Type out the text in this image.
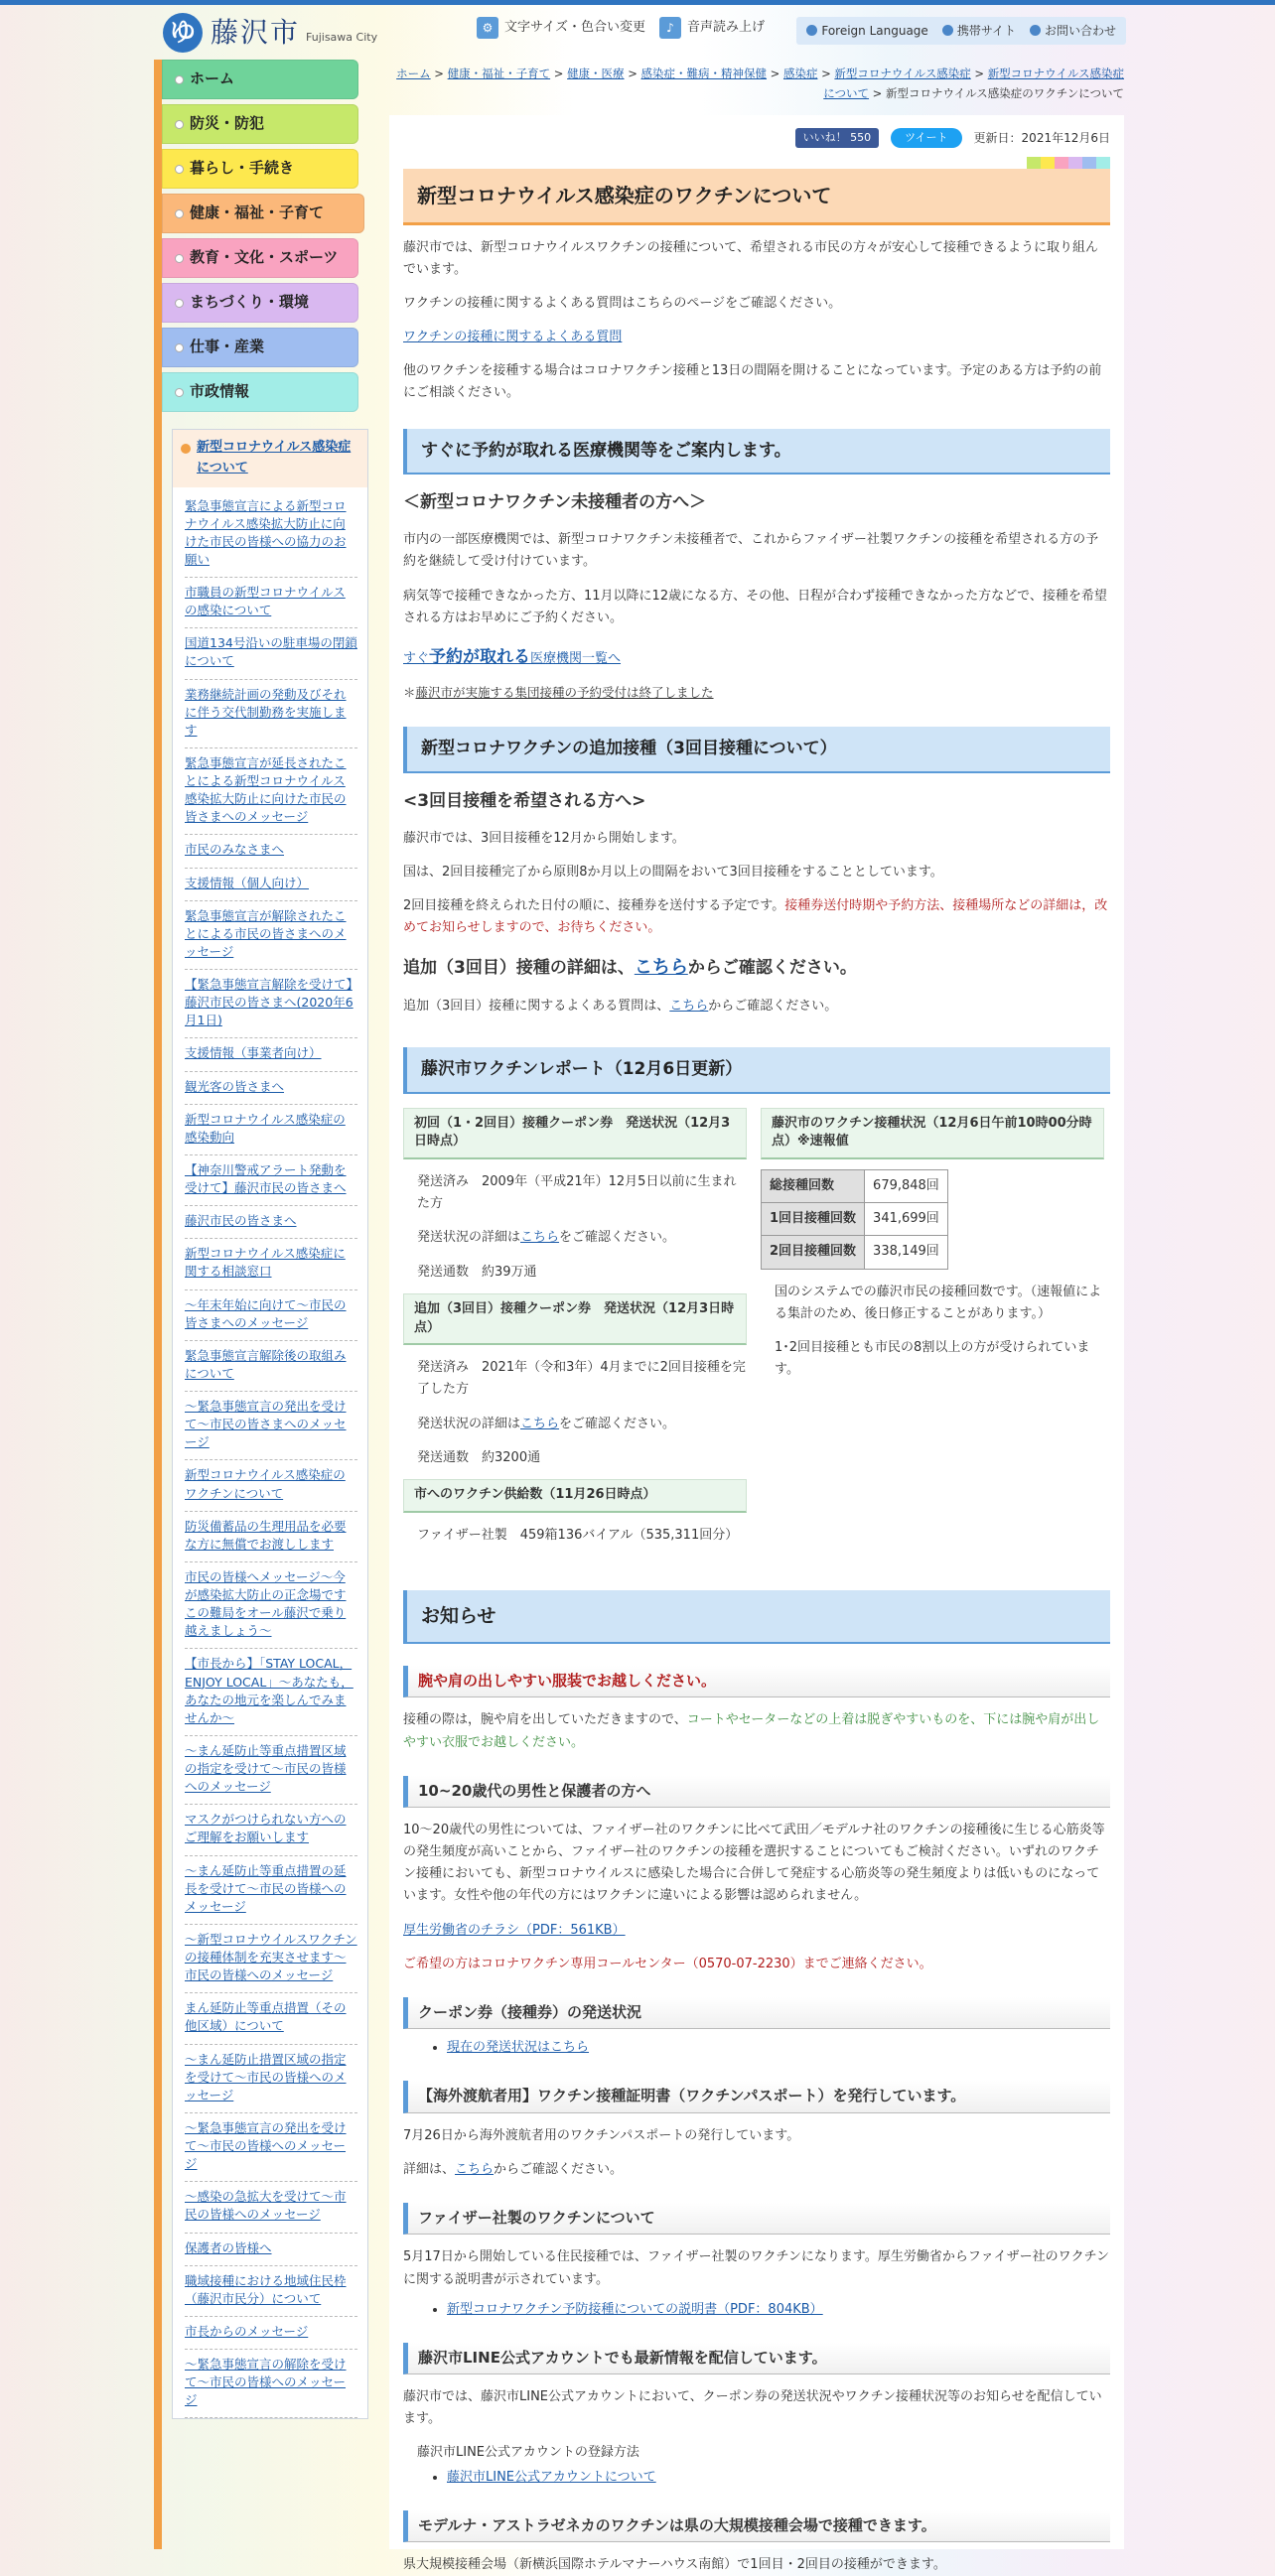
ゆ 藤沢市 Fujisawa City
⚙ 文字サイズ・色合い変更	♪	音声読み上げ	Foreign Language	携帯サイト	お問い合わせ
ホーム
防災・防犯
暮らし・手続き
健康・福祉・子育て
教育・文化・スポーツ
まちづくり・環境
仕事・産業
市政情報
新型コロナウイルス感染症について
緊急事態宣言による新型コロナウイルス感染拡大防止に向けた市民の皆様への協力のお願い
市職員の新型コロナウイルスの感染について
国道134号沿いの駐車場の閉鎖について
業務継続計画の発動及びそれに伴う交代制勤務を実施します
緊急事態宣言が延長されたことによる新型コロナウイルス感染拡大防止に向けた市民の皆さまへのメッセージ
市民のみなさまへ
支援情報（個人向け）
緊急事態宣言が解除されたことによる市民の皆さまへのメッセージ
【緊急事態宣言解除を受けて】藤沢市民の皆さまへ(2020年6月1日)
支援情報（事業者向け）
観光客の皆さまへ
新型コロナウイルス感染症の感染動向
【神奈川警戒アラート発動を受けて】藤沢市民の皆さまへ
藤沢市民の皆さまへ
新型コロナウイルス感染症に関する相談窓口
～年末年始に向けて～市民の皆さまへのメッセージ
緊急事態宣言解除後の取組みについて
～緊急事態宣言の発出を受けて～市民の皆さまへのメッセージ
新型コロナウイルス感染症のワクチンについて
防災備蓄品の生理用品を必要な方に無償でお渡しします
市民の皆様へメッセージ～今が感染拡大防止の正念場です この難局をオール藤沢で乗り越えましょう～
【市長から】「STAY LOCAL，ENJOY LOCAL」～あなたも，あなたの地元を楽しんでみませんか～
～まん延防止等重点措置区域の指定を受けて～市民の皆様へのメッセージ
マスクがつけられない方へのご理解をお願いします
～まん延防止等重点措置の延長を受けて～市民の皆様へのメッセージ
～新型コロナウイルスワクチンの接種体制を充実させます～市民の皆様へのメッセージ
まん延防止等重点措置（その他区域）について
～まん延防止措置区域の指定を受けて～市民の皆様へのメッセージ
～緊急事態宣言の発出を受けて～市民の皆様へのメッセージ
～感染の急拡大を受けて～市民の皆様へのメッセージ
保護者の皆様へ
職域接種における地域住民枠（藤沢市民分）について
市長からのメッセージ
～緊急事態宣言の解除を受けて～市民の皆様へのメッセージ
ホーム > 健康・福祉・子育て > 健康・医療 > 感染症・難病・精神保健 > 感染症 > 新型コロナウイルス感染症 > 新型コロナウイルス感染症について > 新型コロナウイルス感染症のワクチンについて
いいね！ 550	ツイート	更新日：2021年12月6日
新型コロナウイルス感染症のワクチンについて

藤沢市では、新型コロナウイルスワクチンの接種について、希望される市民の方々が安心して接種できるように取り組んでいます。

ワクチンの接種に関するよくある質問はこちらのページをご確認ください。

ワクチンの接種に関するよくある質問

他のワクチンを接種する場合はコロナワクチン接種と13日の間隔を開けることになっています。予定のある方は予約の前にご相談ください。

すぐに予約が取れる医療機関等をご案内します。
＜新型コロナワクチン未接種者の方へ＞

市内の一部医療機関では、新型コロナワクチン未接種者で、これからファイザー社製ワクチンの接種を希望される方の予約を継続して受け付けています。

病気等で接種できなかった方、11月以降に12歳になる方、その他、日程が合わず接種できなかった方などで、接種を希望される方はお早めにご予約ください。

すぐ予約が取れる医療機関一覧へ

＊藤沢市が実施する集団接種の予約受付は終了しました

新型コロナワクチンの追加接種（3回目接種について）
<3回目接種を希望される方へ>

藤沢市では、3回目接種を12月から開始します。

国は、2回目接種完了から原則8か月以上の間隔をおいて3回目接種をすることとしています。

2回目接種を終えられた日付の順に、接種券を送付する予定です。接種券送付時期や予約方法、接種場所などの詳細は，改めてお知らせしますので、お待ちください。

追加（3回目）接種の詳細は、こちらからご確認ください。

追加（3回目）接種に関するよくある質問は、こちらからご確認ください。

藤沢市ワクチンレポート（12月6日更新）
初回（1・2回目）接種クーポン券　発送状況（12月3日時点）

発送済み　2009年（平成21年）12月5日以前に生まれた方

発送状況の詳細はこちらをご確認ください。

発送通数　約39万通

追加（3回目）接種クーポン券　発送状況（12月3日時点）

発送済み　2021年（令和3年）4月までに2回目接種を完了した方

発送状況の詳細はこちらをご確認ください。

発送通数　約3200通

市へのワクチン供給数（11月26日時点）

ファイザー社製　459箱136バイアル（535,311回分）

藤沢市のワクチン接種状況（12月6日午前10時00分時点）※速報値
総接種回数	679,848回
1回目接種回数	341,699回
2回目接種回数	338,149回

国のシステムでの藤沢市民の接種回数です。（速報値による集計のため、後日修正することがあります。）

1･2回目接種とも市民の8割以上の方が受けられています。

お知らせ
腕や肩の出しやすい服装でお越しください。

接種の際は，腕や肩を出していただきますので、コートやセーターなどの上着は脱ぎやすいものを、下には腕や肩が出しやすい衣服でお越しください。

10~20歳代の男性と保護者の方へ

10～20歳代の男性については、ファイザー社のワクチンに比べて武田／モデルナ社のワクチンの接種後に生じる心筋炎等の発生頻度が高いことから、ファイザー社のワクチンの接種を選択することについてもご検討ください。いずれのワクチン接種においても、新型コロナウイルスに感染した場合に合併して発症する心筋炎等の発生頻度よりは低いものになっています。女性や他の年代の方にはワクチンに違いによる影響は認められません。

厚生労働省のチラシ（PDF：561KB）

ご希望の方はコロナワクチン専用コールセンター（0570-07-2230）までご連絡ください。

クーポン券（接種券）の発送状況
• 現在の発送状況はこちら
【海外渡航者用】ワクチン接種証明書（ワクチンパスポート）を発行しています。

7月26日から海外渡航者用のワクチンパスポートの発行しています。

詳細は、こちらからご確認ください。

ファイザー社製のワクチンについて

5月17日から開始している住民接種では、ファイザー社製のワクチンになります。厚生労働省からファイザー社のワクチンに関する説明書が示されています。

• 新型コロナワクチン予防接種についての説明書（PDF：804KB）
藤沢市LINE公式アカウントでも最新情報を配信しています。

藤沢市では、藤沢市LINE公式アカウントにおいて、クーポン券の発送状況やワクチン接種状況等のお知らせを配信しています。

藤沢市LINE公式アカウントの登録方法

• 藤沢市LINE公式アカウントについて
モデルナ・アストラゼネカのワクチンは県の大規模接種会場で接種できます。

県大規模接種会場（新横浜国際ホテルマナーハウス南館）で1回目・2回目の接種ができます。
